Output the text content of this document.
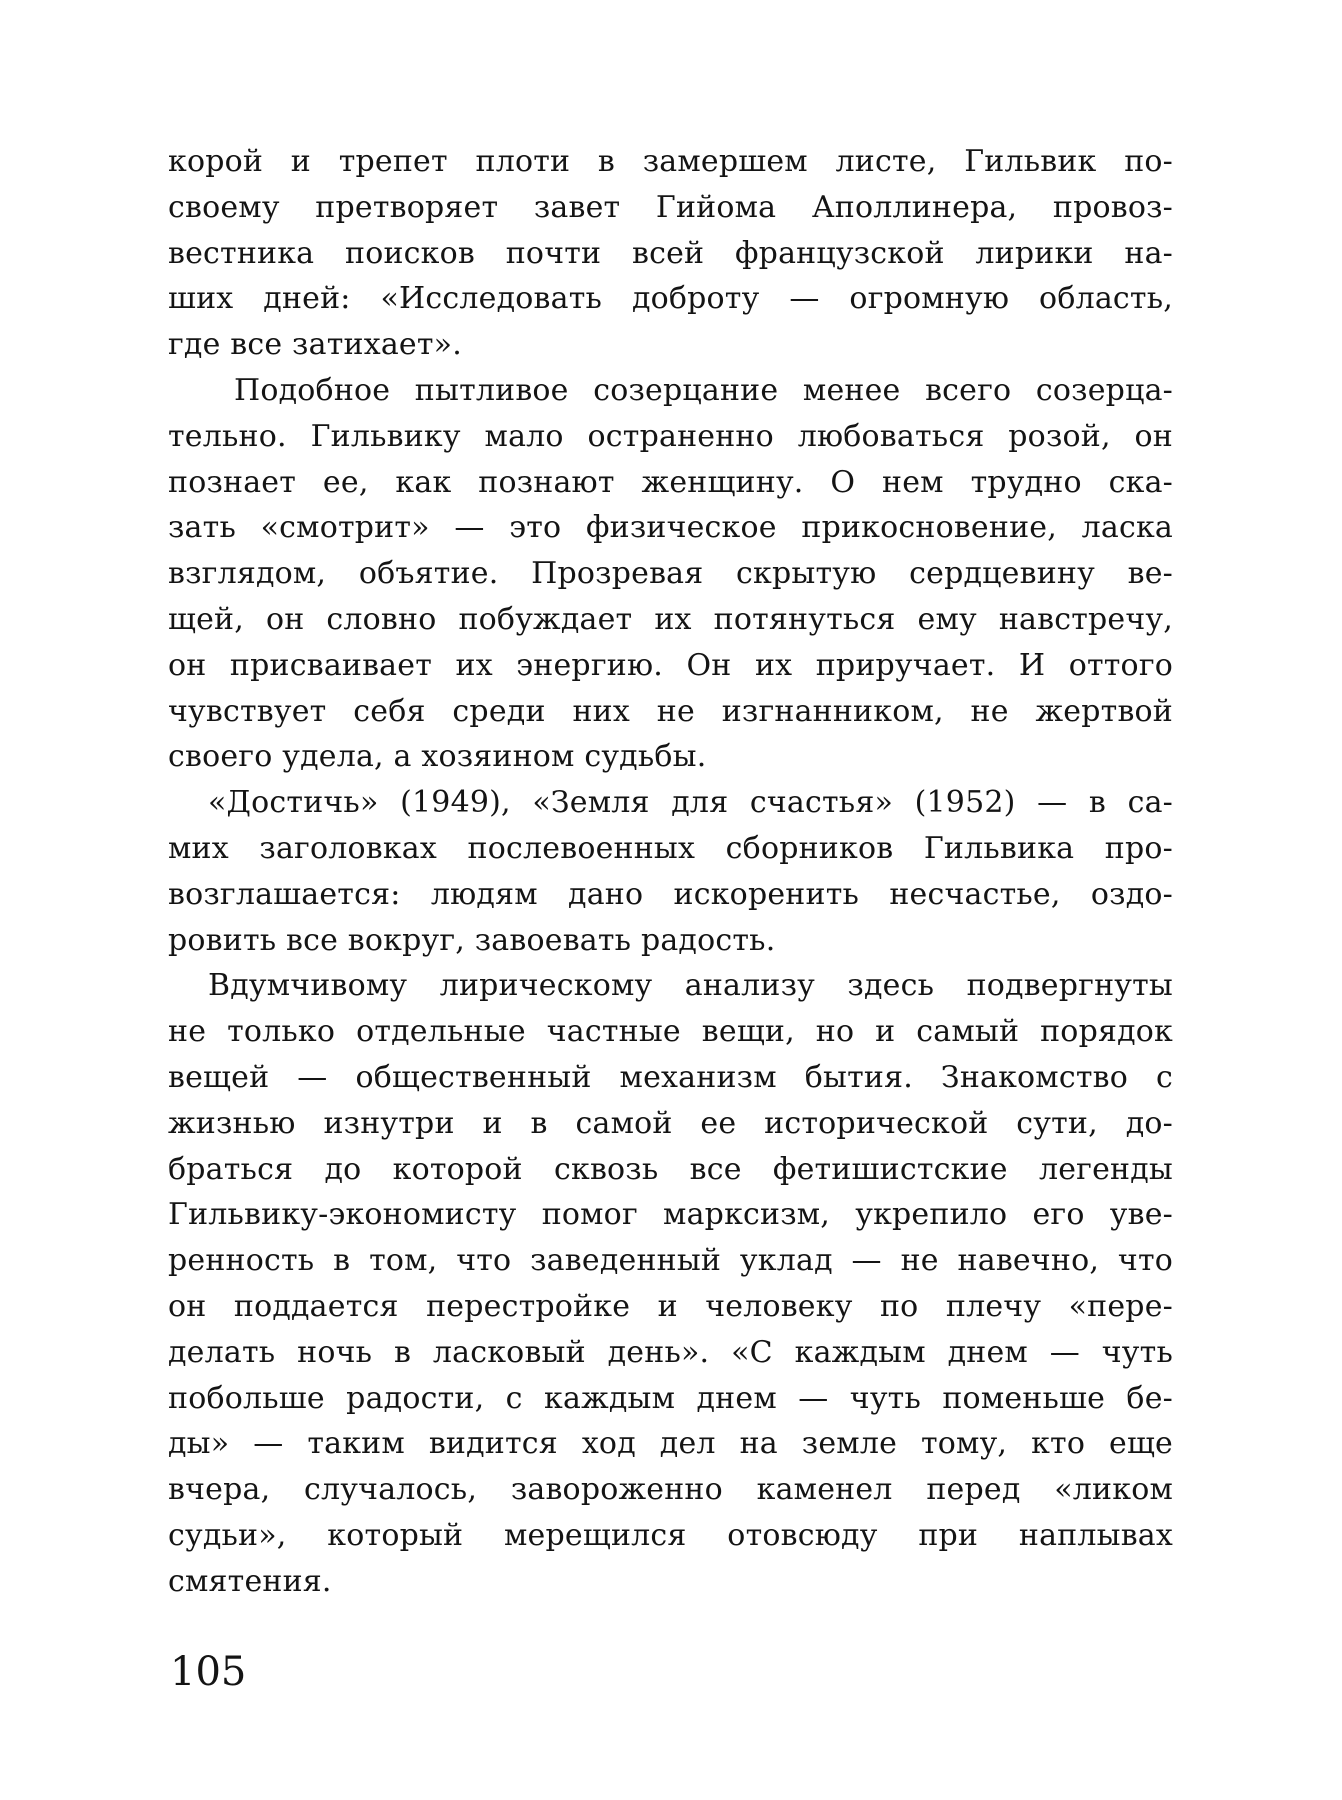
корой и трепет плоти в замершем листе, Гильвик по-
своему претворяет завет Гийома Аполлинера, провоз-
вестника поисков почти всей французской лирики на-
ших дней: «Исследовать доброту — огромную область,
где все затихает».
Подобное пытливое созерцание менее всего созерца-
тельно. Гильвику мало остраненно любоваться розой, он
познает ее, как познают женщину. О нем трудно ска-
зать «смотрит» — это физическое прикосновение, ласка
взглядом, объятие. Прозревая скрытую сердцевину ве-
щей, он словно побуждает их потянуться ему навстречу,
он присваивает их энергию. Он их приручает. И оттого
чувствует себя среди них не изгнанником, не жертвой
своего удела, а хозяином судьбы.
«Достичь» (1949), «Земля для счастья» (1952) — в са-
мих заголовках послевоенных сборников Гильвика про-
возглашается: людям дано искоренить несчастье, оздо-
ровить все вокруг, завоевать радость.
Вдумчивому лирическому анализу здесь подвергнуты
не только отдельные частные вещи, но и самый порядок
вещей — общественный механизм бытия. Знакомство с
жизнью изнутри и в самой ее исторической сути, до-
браться до которой сквозь все фетишистские легенды
Гильвику-экономисту помог марксизм, укрепило его уве-
ренность в том, что заведенный уклад — не навечно, что
он поддается перестройке и человеку по плечу «пере-
делать ночь в ласковый день». «С каждым днем — чуть
побольше радости, с каждым днем — чуть поменьше бе-
ды» — таким видится ход дел на земле тому, кто еще
вчера, случалось, завороженно каменел перед «ликом
судьи», который мерещился отовсюду при наплывах
смятения.
105
